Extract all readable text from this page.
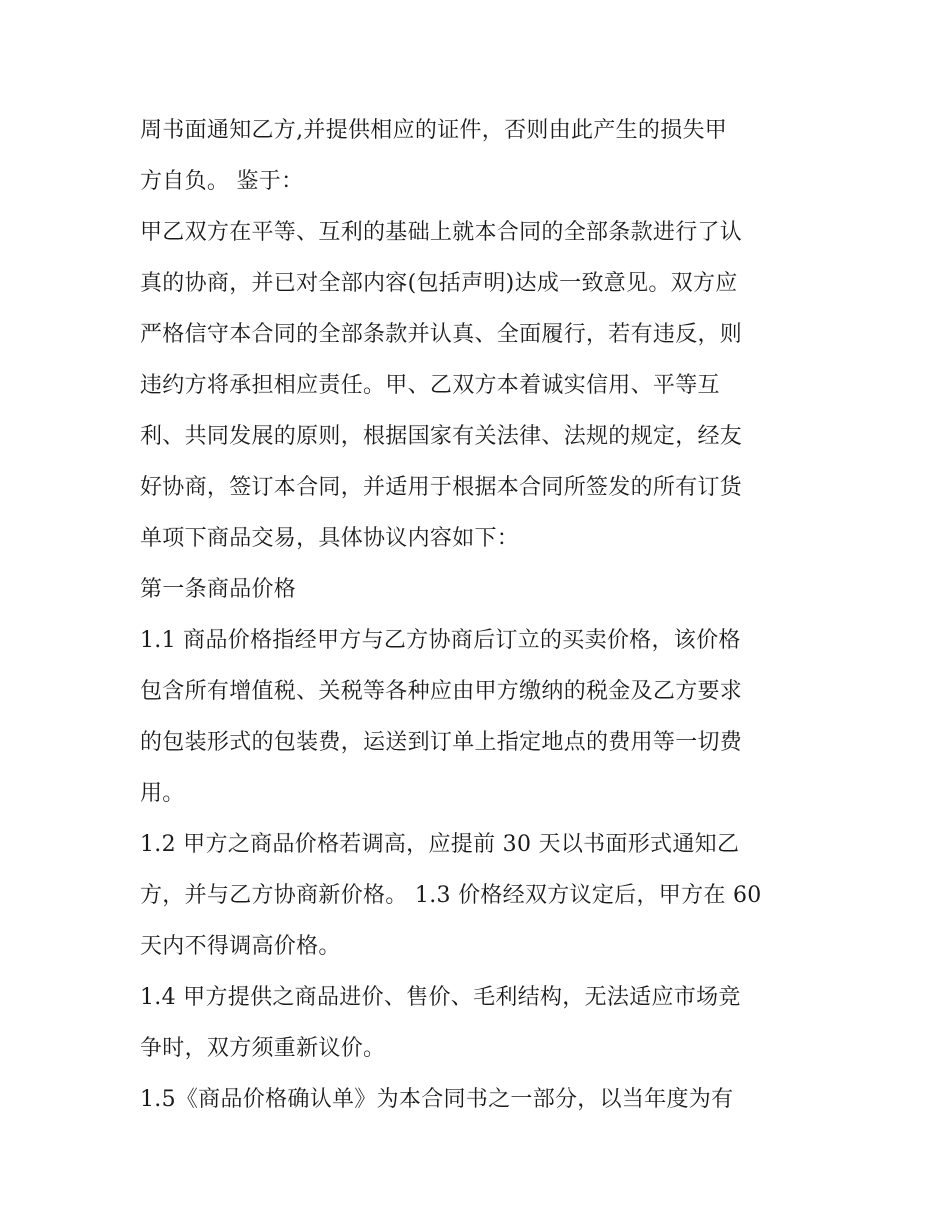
周书面通知乙方,并提供相应的证件，否则由此产生的损失甲
方自负。 鉴于：
甲乙双方在平等、互利的基础上就本合同的全部条款进行了认
真的协商，并已对全部内容(包括声明)达成一致意见。双方应
严格信守本合同的全部条款并认真、全面履行，若有违反，则
违约方将承担相应责任。甲、乙双方本着诚实信用、平等互
利、共同发展的原则，根据国家有关法律、法规的规定，经友
好协商，签订本合同，并适用于根据本合同所签发的所有订货
单项下商品交易，具体协议内容如下：
第一条商品价格
1.1 商品价格指经甲方与乙方协商后订立的买卖价格，该价格
包含所有增值税、关税等各种应由甲方缴纳的税金及乙方要求
的包装形式的包装费，运送到订单上指定地点的费用等一切费
用。
1.2 甲方之商品价格若调高，应提前 30 天以书面形式通知乙
方，并与乙方协商新价格。 1.3 价格经双方议定后，甲方在 60
天内不得调高价格。
1.4 甲方提供之商品进价、售价、毛利结构，无法适应市场竞
争时，双方须重新议价。
1.5《商品价格确认单》为本合同书之一部分，以当年度为有
